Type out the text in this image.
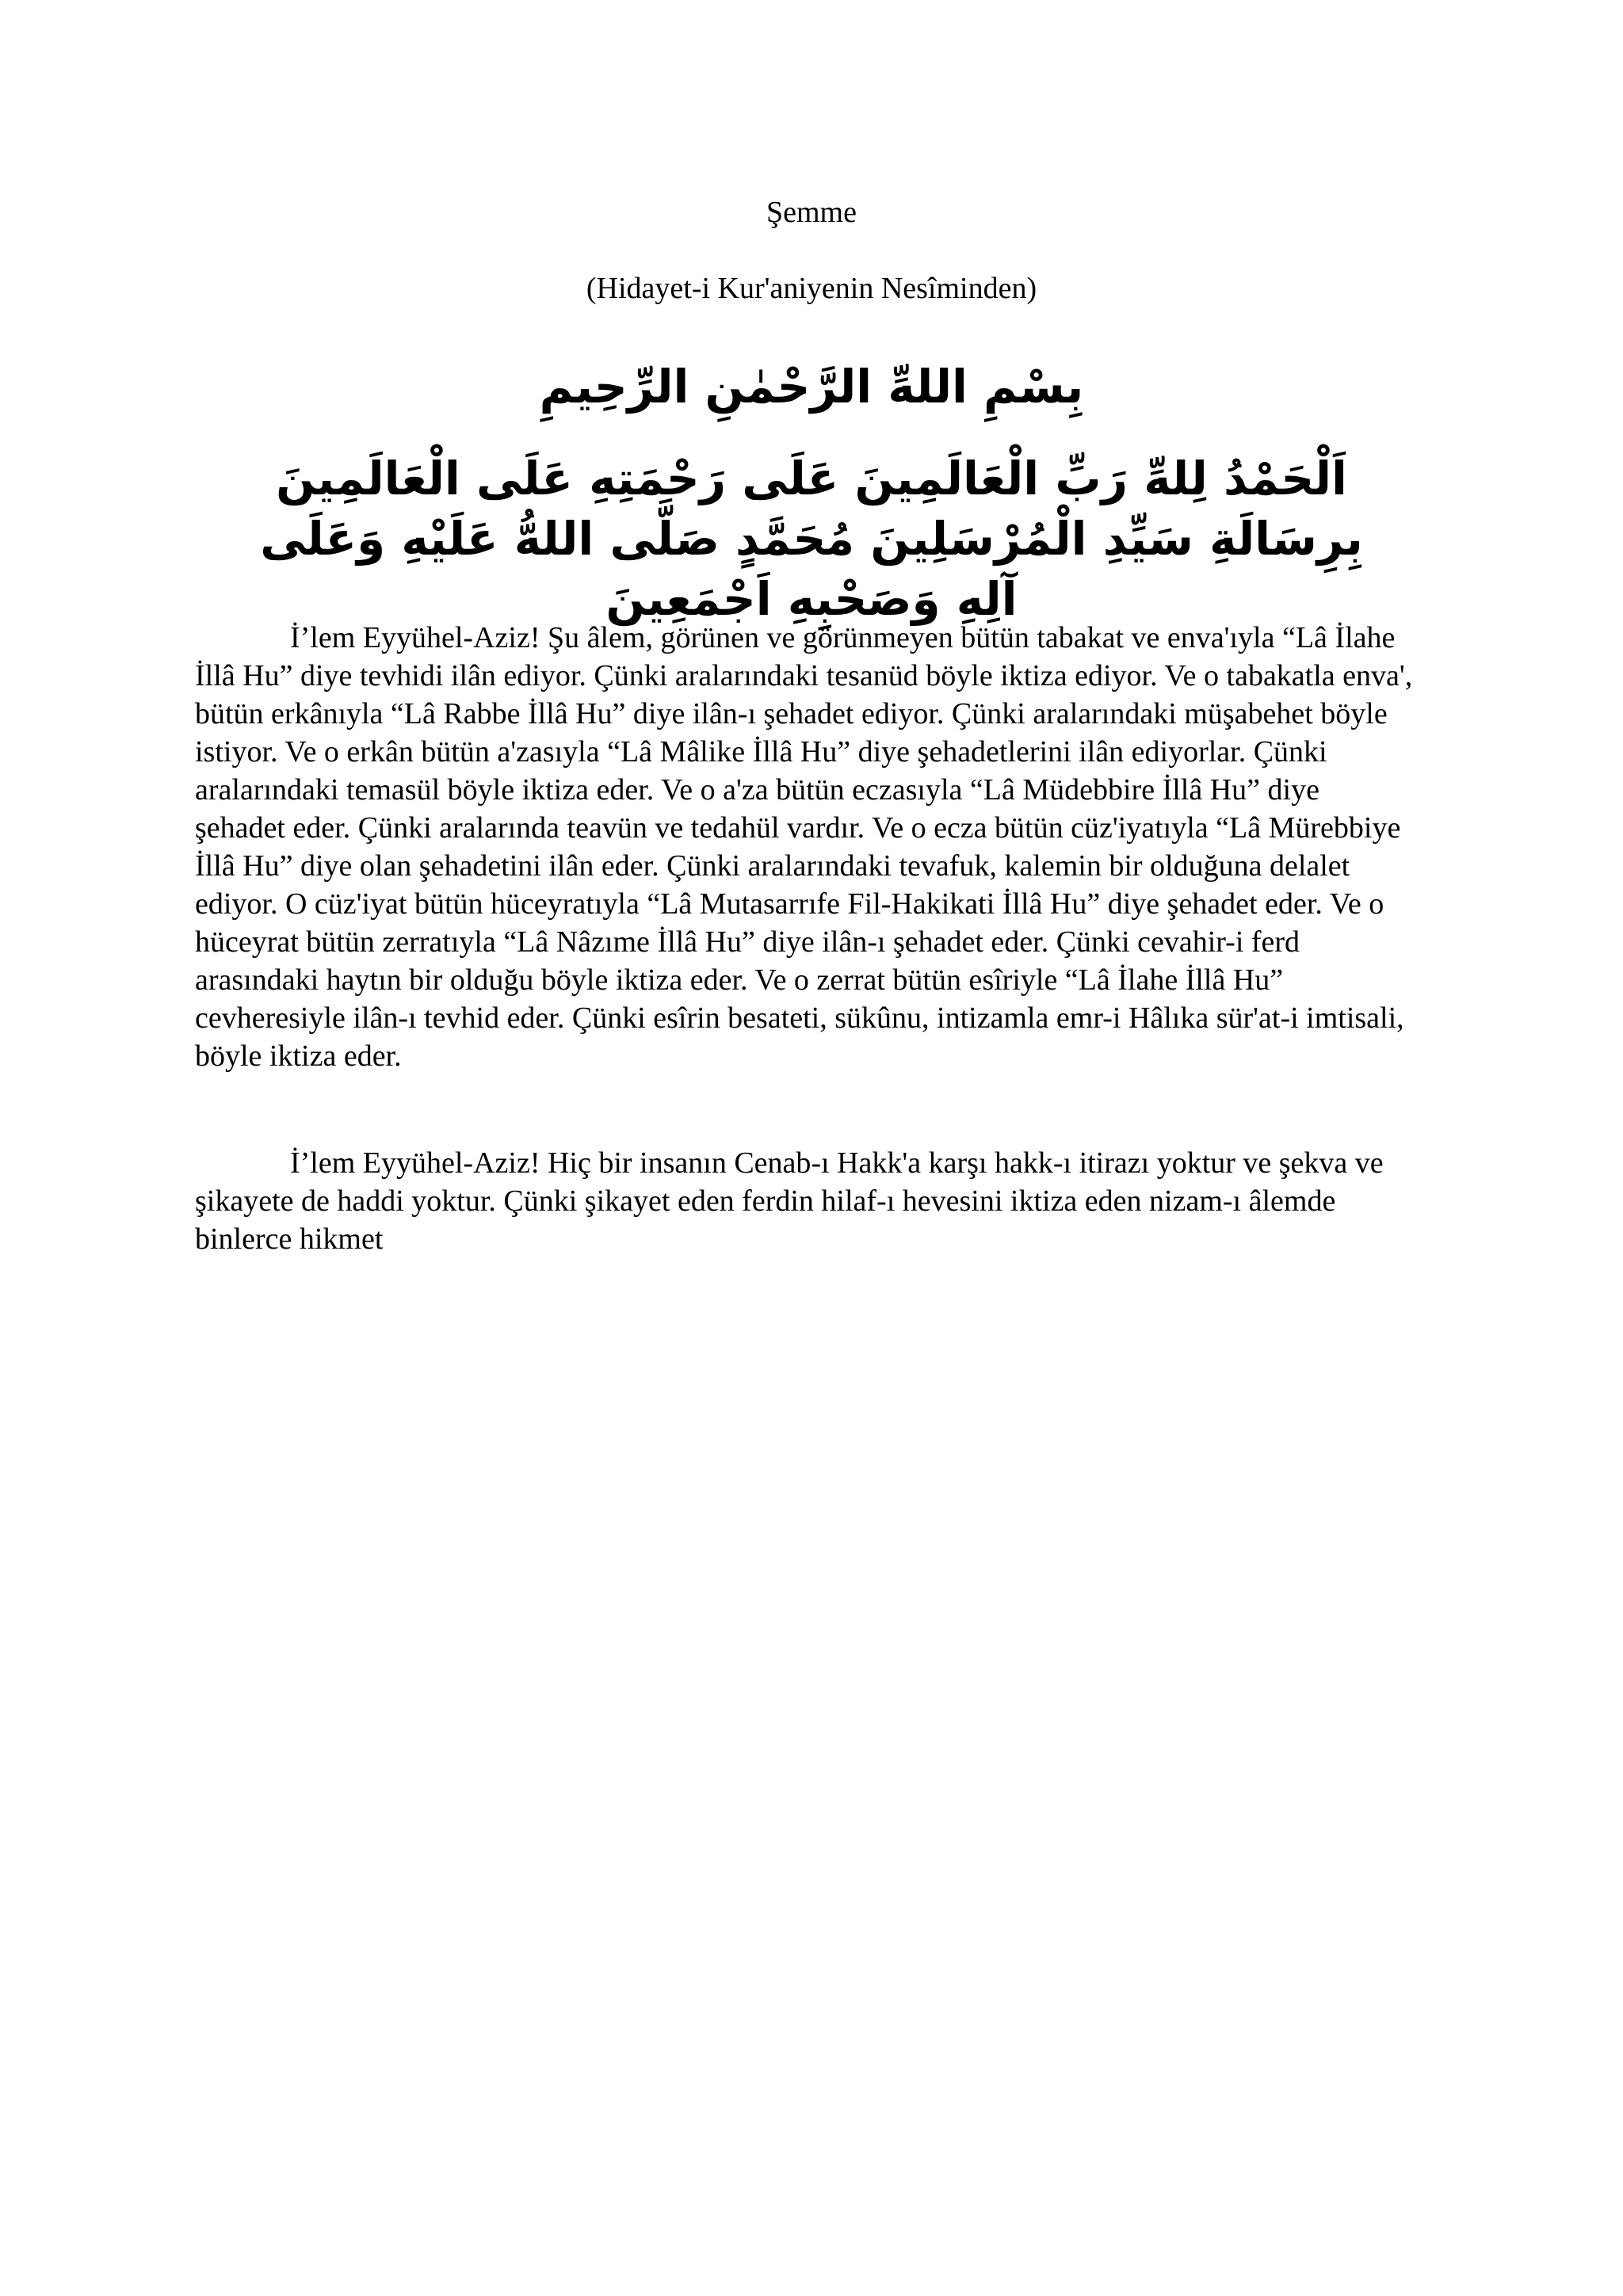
Şemme
(Hidayet-i Kur'aniyenin Nesîminden)
بِسْمِ اللهِّ الرَّحْمٰنِ الرِّحِيمِ
اَلْحَمْدُ لِلهِّ رَبِّ الْعَالَمِينَ عَلَى رَحْمَتِهِ عَلَى الْعَالَمِينَ بِرِسَالَةِ سَيِّدِ الْمُرْسَلِينَ مُحَمَّدٍ صَلَّى اللهُّ عَلَيْهِ وَعَلَى آلِهِ وَصَحْبِهِ اَجْمَعِينَ
İ’lem Eyyühel-Aziz! Şu âlem, görünen ve görünmeyen bütün tabakat ve enva'ıyla “Lâ İlahe İllâ Hu” diye tevhidi ilân ediyor. Çünki aralarındaki tesanüd böyle iktiza ediyor. Ve o tabakatla enva', bütün erkânıyla “Lâ Rabbe İllâ Hu” diye ilân-ı şehadet ediyor. Çünki aralarındaki müşabehet böyle istiyor. Ve o erkân bütün a'zasıyla “Lâ Mâlike İllâ Hu” diye şehadetlerini ilân ediyorlar. Çünki aralarındaki temasül böyle iktiza eder. Ve o a'za bütün eczasıyla “Lâ Müdebbire İllâ Hu” diye şehadet eder. Çünki aralarında teavün ve tedahül vardır. Ve o ecza bütün cüz'iyatıyla “Lâ Mürebbiye İllâ Hu” diye olan şehadetini ilân eder. Çünki aralarındaki tevafuk, kalemin bir olduğuna delalet ediyor. O cüz'iyat bütün hüceyratıyla “Lâ Mutasarrıfe Fil-Hakikati İllâ Hu” diye şehadet eder. Ve o hüceyrat bütün zerratıyla “Lâ Nâzıme İllâ Hu” diye ilân-ı şehadet eder. Çünki cevahir-i ferd arasındaki haytın bir olduğu böyle iktiza eder. Ve o zerrat bütün esîriyle “Lâ İlahe İllâ Hu” cevheresiyle ilân-ı tevhid eder. Çünki esîrin besateti, sükûnu, intizamla emr-i Hâlıka sür'at-i imtisali, böyle iktiza eder.
İ’lem Eyyühel-Aziz! Hiç bir insanın Cenab-ı Hakk'a karşı hakk-ı itirazı yoktur ve şekva ve şikayete de haddi yoktur. Çünki şikayet eden ferdin hilaf-ı hevesini iktiza eden nizam-ı âlemde binlerce hikmet
